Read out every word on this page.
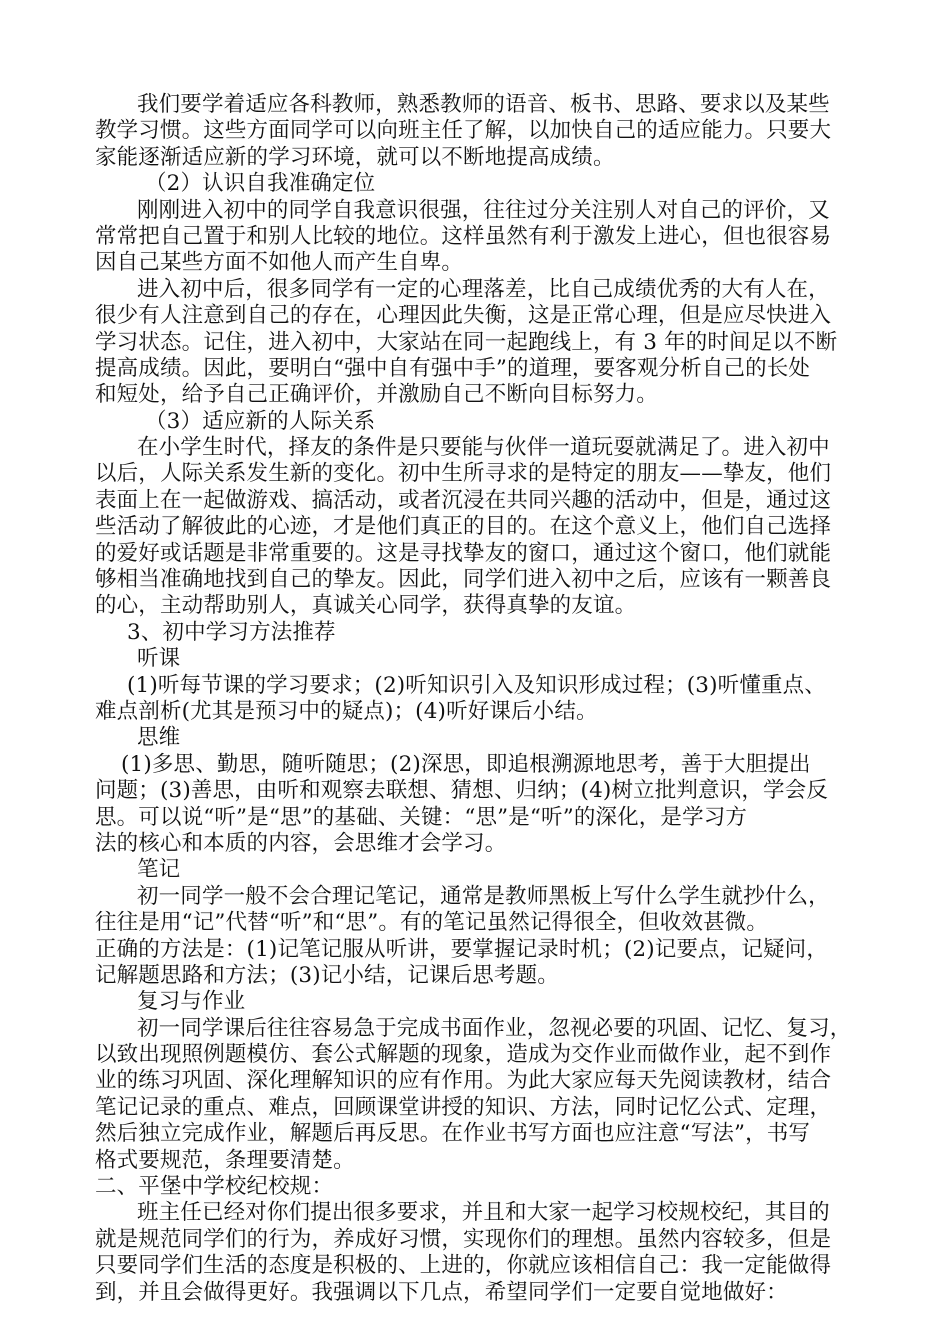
我们要学着适应各科教师，熟悉教师的语音、板书、思路、要求以及某些
教学习惯。这些方面同学可以向班主任了解，以加快自己的适应能力。只要大
家能逐渐适应新的学习环境，就可以不断地提高成绩。
（2）认识自我准确定位
刚刚进入初中的同学自我意识很强，往往过分关注别人对自己的评价，又
常常把自己置于和别人比较的地位。这样虽然有利于激发上进心，但也很容易
因自己某些方面不如他人而产生自卑。
进入初中后，很多同学有一定的心理落差，比自己成绩优秀的大有人在，
很少有人注意到自己的存在，心理因此失衡，这是正常心理，但是应尽快进入
学习状态。记住，进入初中，大家站在同一起跑线上，有 3 年的时间足以不断
提高成绩。因此，要明白“强中自有强中手”的道理，要客观分析自己的长处
和短处，给予自己正确评价，并激励自己不断向目标努力。
（3）适应新的人际关系
在小学生时代，择友的条件是只要能与伙伴一道玩耍就满足了。进入初中
以后，人际关系发生新的变化。初中生所寻求的是特定的朋友——挚友，他们
表面上在一起做游戏、搞活动，或者沉浸在共同兴趣的活动中，但是，通过这
些活动了解彼此的心迹，才是他们真正的目的。在这个意义上，他们自己选择
的爱好或话题是非常重要的。这是寻找挚友的窗口，通过这个窗口，他们就能
够相当准确地找到自己的挚友。因此，同学们进入初中之后，应该有一颗善良
的心，主动帮助别人，真诚关心同学，获得真挚的友谊。
3、初中学习方法推荐
听课
(1)听每节课的学习要求；(2)听知识引入及知识形成过程；(3)听懂重点、
难点剖析(尤其是预习中的疑点)；(4)听好课后小结。
思维
(1)多思、勤思，随听随思；(2)深思，即追根溯源地思考，善于大胆提出
问题；(3)善思，由听和观察去联想、猜想、归纳；(4)树立批判意识，学会反
思。可以说“听”是“思”的基础、关键：“思”是“听”的深化，是学习方
法的核心和本质的内容，会思维才会学习。
笔记
初一同学一般不会合理记笔记，通常是教师黑板上写什么学生就抄什么，
往往是用“记”代替“听”和“思”。有的笔记虽然记得很全，但收效甚微。
正确的方法是：(1)记笔记服从听讲，要掌握记录时机；(2)记要点，记疑问，
记解题思路和方法；(3)记小结，记课后思考题。
复习与作业
初一同学课后往往容易急于完成书面作业，忽视必要的巩固、记忆、复习，
以致出现照例题模仿、套公式解题的现象，造成为交作业而做作业，起不到作
业的练习巩固、深化理解知识的应有作用。为此大家应每天先阅读教材，结合
笔记记录的重点、难点，回顾课堂讲授的知识、方法，同时记忆公式、定理，
然后独立完成作业，解题后再反思。在作业书写方面也应注意“写法”，书写
格式要规范，条理要清楚。
二、平堡中学校纪校规：
班主任已经对你们提出很多要求，并且和大家一起学习校规校纪，其目的
就是规范同学们的行为，养成好习惯，实现你们的理想。虽然内容较多，但是
只要同学们生活的态度是积极的、上进的，你就应该相信自己：我一定能做得
到，并且会做得更好。我强调以下几点，希望同学们一定要自觉地做好：
